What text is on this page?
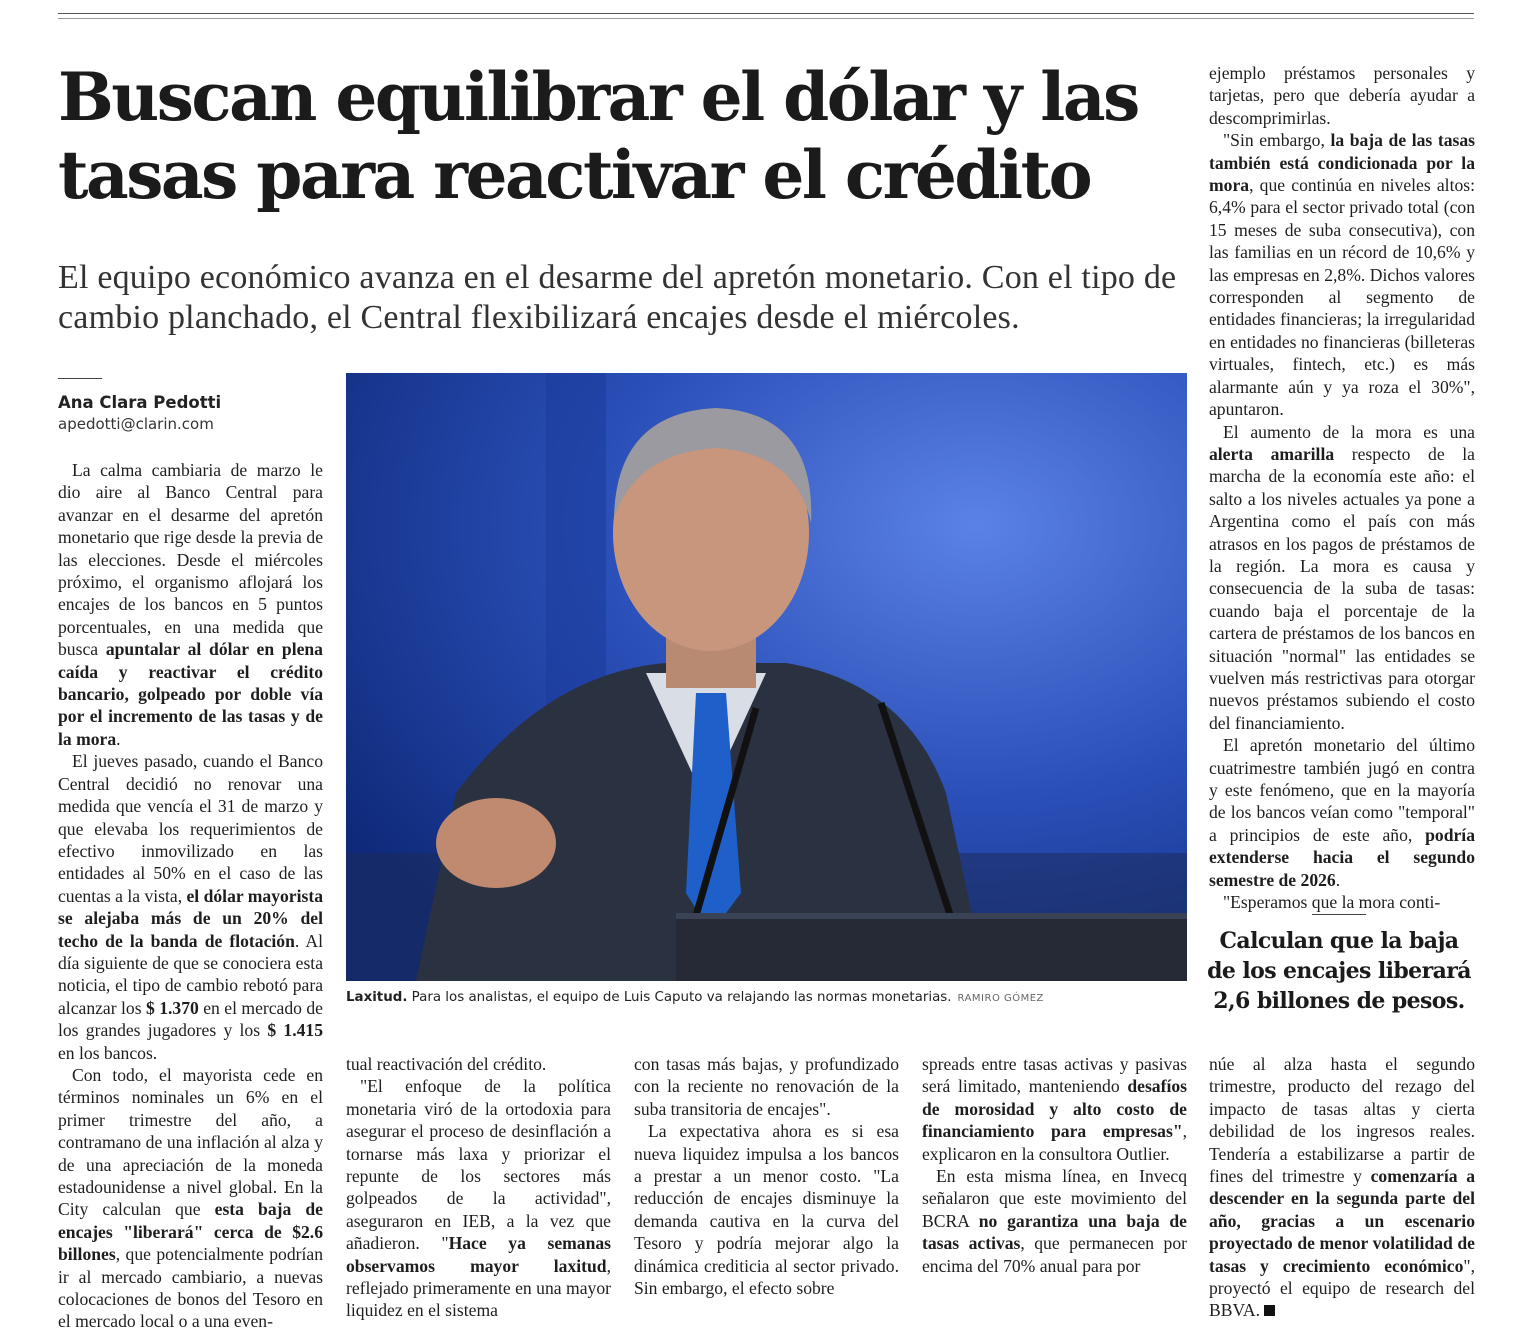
Buscan equilibrar el dólar y las tasas para reactivar el crédito

El equipo económico avanza en el desarme del apretón monetario. Con el tipo de cambio planchado, el Central flexibilizará encajes desde el miércoles.

Ana Clara Pedotti
apedotti@clarin.com

La calma cambiaria de marzo le dio aire al Banco Central para avanzar en el desarme del apretón monetario que rige desde la previa de las elecciones. Desde el miércoles próximo, el organismo aflojará los encajes de los bancos en 5 puntos porcentuales, en una medida que busca apuntalar al dólar en plena caída y reactivar el crédito bancario, golpeado por doble vía por el incremento de las tasas y de la mora.

El jueves pasado, cuando el Banco Central decidió no renovar una medida que vencía el 31 de marzo y que elevaba los requerimientos de efectivo inmovilizado en las entidades al 50% en el caso de las cuentas a la vista, el dólar mayorista se alejaba más de un 20% del techo de la banda de flotación. Al día siguiente de que se conociera esta noticia, el tipo de cambio rebotó para alcanzar los $ 1.370 en el mercado de los grandes jugadores y los $ 1.415 en los bancos.

Con todo, el mayorista cede en términos nominales un 6% en el primer trimestre del año, a contramano de una inflación al alza y de una apreciación de la moneda estadounidense a nivel global. En la City calculan que esta baja de encajes "liberará" cerca de $2.6 billones, que potencialmente podrían ir al mercado cambiario, a nuevas colocaciones de bonos del Tesoro en el mercado local o a una even-

Laxitud. Para los analistas, el equipo de Luis Caputo va relajando las normas monetarias. RAMIRO GÓMEZ

tual reactivación del crédito.

"El enfoque de la política monetaria viró de la ortodoxia para asegurar el proceso de desinflación a tornarse más laxa y priorizar el repunte de los sectores más golpeados de la actividad", aseguraron en IEB, a la vez que añadieron. "Hace ya semanas observamos mayor laxitud, reflejado primeramente en una mayor liquidez en el sistema

con tasas más bajas, y profundizado con la reciente no renovación de la suba transitoria de encajes".

La expectativa ahora es si esa nueva liquidez impulsa a los bancos a prestar a un menor costo. "La reducción de encajes disminuye la demanda cautiva en la curva del Tesoro y podría mejorar algo la dinámica crediticia al sector privado. Sin embargo, el efecto sobre

spreads entre tasas activas y pasivas será limitado, manteniendo desafíos de morosidad y alto costo de financiamiento para empresas", explicaron en la consultora Outlier.

En esta misma línea, en Invecq señalaron que este movimiento del BCRA no garantiza una baja de tasas activas, que permanecen por encima del 70% anual para por

ejemplo préstamos personales y tarjetas, pero que debería ayudar a descomprimirlas.

"Sin embargo, la baja de las tasas también está condicionada por la mora, que continúa en niveles altos: 6,4% para el sector privado total (con 15 meses de suba consecutiva), con las familias en un récord de 10,6% y las empresas en 2,8%. Dichos valores corresponden al segmento de entidades financieras; la irregularidad en entidades no financieras (billeteras virtuales, fintech, etc.) es más alarmante aún y ya roza el 30%", apuntaron.

El aumento de la mora es una alerta amarilla respecto de la marcha de la economía este año: el salto a los niveles actuales ya pone a Argentina como el país con más atrasos en los pagos de préstamos de la región. La mora es causa y consecuencia de la suba de tasas: cuando baja el porcentaje de la cartera de préstamos de los bancos en situación "normal" las entidades se vuelven más restrictivas para otorgar nuevos préstamos subiendo el costo del financiamiento.

El apretón monetario del último cuatrimestre también jugó en contra y este fenómeno, que en la mayoría de los bancos veían como "temporal" a principios de este año, podría extenderse hacia el segundo semestre de 2026.

"Esperamos que la mora conti-

Calculan que la baja de los encajes liberará 2,6 billones de pesos.

núe al alza hasta el segundo trimestre, producto del rezago del impacto de tasas altas y cierta debilidad de los ingresos reales. Tendería a estabilizarse a partir de fines del trimestre y comenzaría a descender en la segunda parte del año, gracias a un escenario proyectado de menor volatilidad de tasas y crecimiento económico", proyectó el equipo de research del BBVA.
